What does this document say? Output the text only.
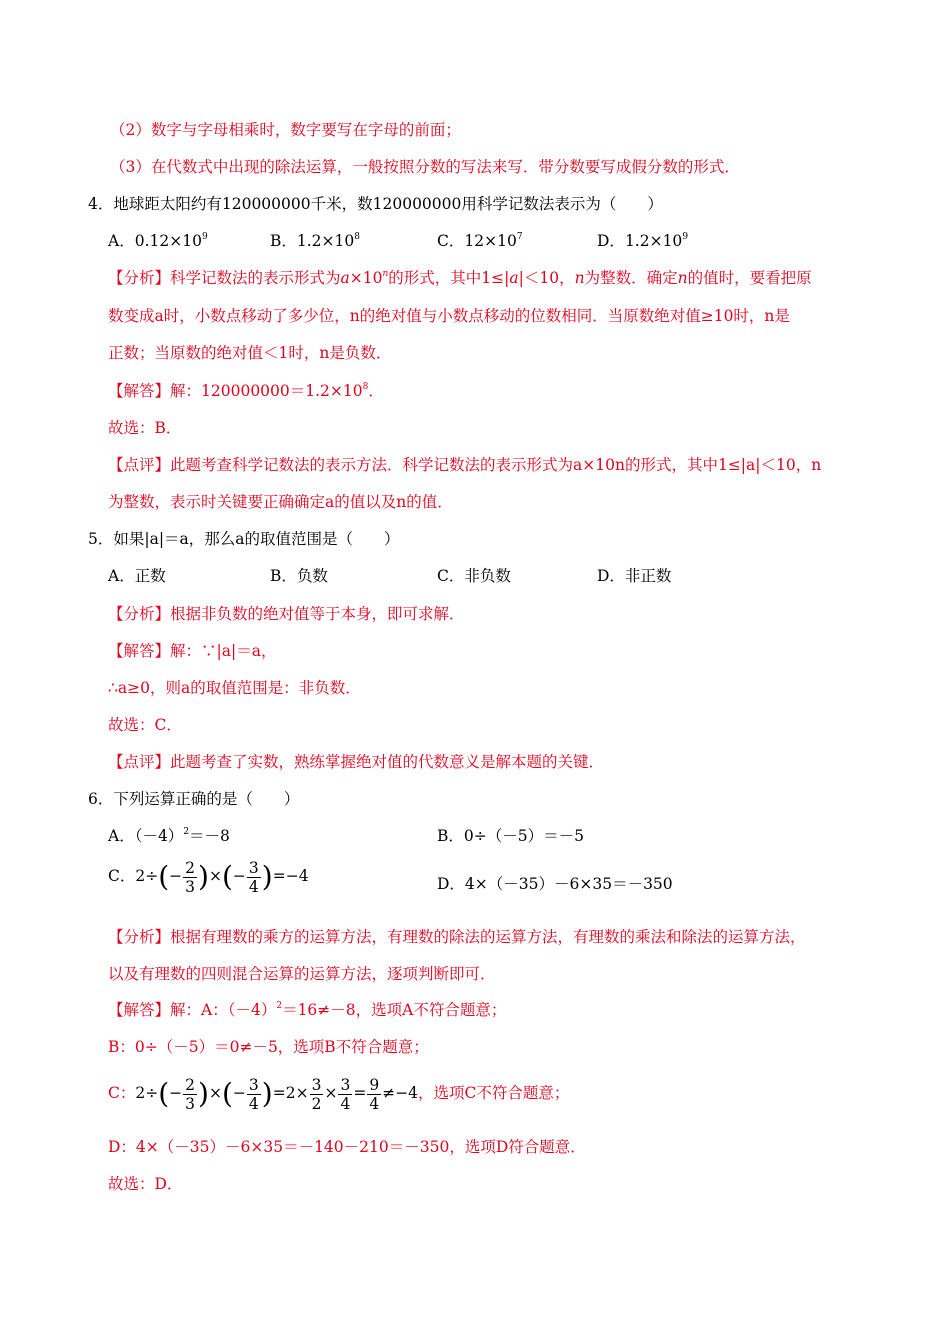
（2）数字与字母相乘时，数字要写在字母的前面；
（3）在代数式中出现的除法运算，一般按照分数的写法来写．带分数要写成假分数的形式．
4．地球距太阳约有120000000千米，数120000000用科学记数法表示为（　　）
A．$0.12\times 10^9$	B．$1.2\times 10^8$	C．$12\times 10^7$	D．$1.2\times 10^9$
【分析】科学记数法的表示形式为$a\times 10^n$的形式，其中1≤|a|＜10，n为整数．确定n的值时，要看把原
数变成a时，小数点移动了多少位，n的绝对值与小数点移动的位数相同．当原数绝对值≥10时，n是
正数；当原数的绝对值＜1时，n是负数．
【解答】解：$120000000=1.2\times 10^8$．
故选：B．
【点评】此题考查科学记数法的表示方法．科学记数法的表示形式为a×10n的形式，其中1≤|a|＜10，n
为整数，表示时关键要正确确定a的值以及n的值．
5．如果|a|＝a，那么a的取值范围是（　　）
A．正数	B．负数	C．非负数	D．非正数
【分析】根据非负数的绝对值等于本身，即可求解．
【解答】解：∵|a|＝a，
∴a≥0，则a的取值范围是：非负数．
故选：C．
【点评】此题考查了实数，熟练掌握绝对值的代数意义是解本题的关键．
6．下列运算正确的是（　　）
A．$(-4)^2=-8$	B．0÷（－5）＝－5
C．$2\div(- \frac{2}{3}$ )×(− $\frac{3}{4} )=-4$	D．4×（－35）－6×35＝－350
【分析】根据有理数的乘方的运算方法，有理数的除法的运算方法，有理数的乘法和除法的运算方法，
以及有理数的四则混合运算的运算方法，逐项判断即可．
【解答】解：A：$(-4)^2=16\ne-8$，选项A不符合题意；
B：0÷（－5）＝0≠－5，选项B不符合题意；
C：$2\div(- \frac{2}{3}$ )×(− $\frac{3}{4} )=2\times \frac{3}{2} \times \frac{3}{4} = \frac{9}{4} \ne-4$，选项C不符合题意；
D：4×（－35）－6×35＝－140－210＝－350，选项D符合题意．
故选：D．
